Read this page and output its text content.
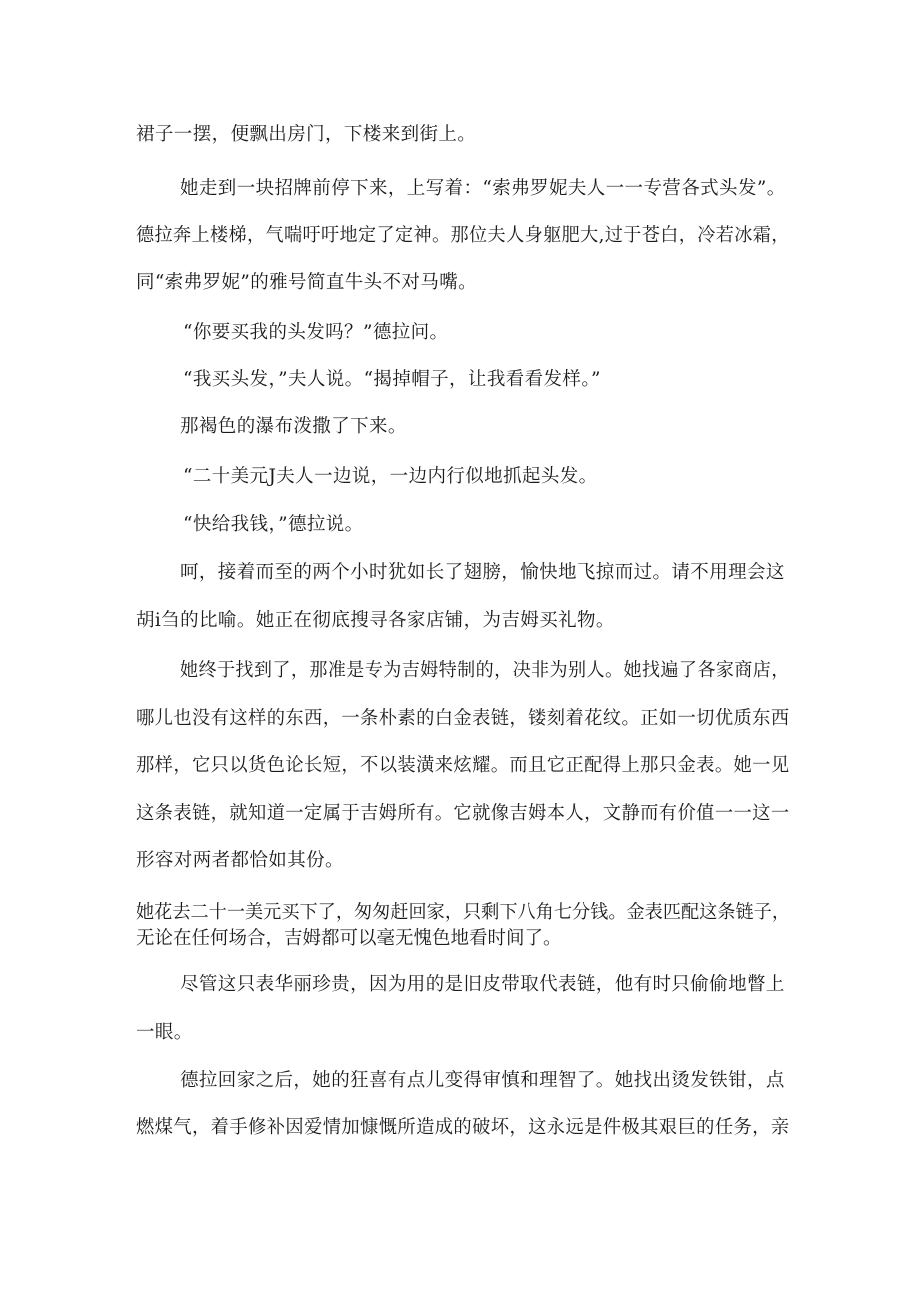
裙子一摆，便飘出房门，下楼来到街上。
她走到一块招牌前停下来，上写着：“索弗罗妮夫人一一专营各式头发”。
德拉奔上楼梯，气喘吁吁地定了定神。那位夫人身躯肥大,过于苍白，冷若冰霜，
同“索弗罗妮”的雅号简直牛头不对马嘴。
“你要买我的头发吗？”德拉问。
“我买头发，”夫人说。“揭掉帽子，让我看看发样。”
那褐色的瀑布泼撒了下来。
“二十美元J夫人一边说，一边内行似地抓起头发。
“快给我钱，”德拉说。
呵，接着而至的两个小时犹如长了翅膀，愉快地飞掠而过。请不用理会这
胡i刍的比喻。她正在彻底搜寻各家店铺，为吉姆买礼物。
她终于找到了，那准是专为吉姆特制的，决非为别人。她找遍了各家商店，
哪儿也没有这样的东西，一条朴素的白金表链，镂刻着花纹。正如一切优质东西
那样，它只以货色论长短，不以装潢来炫耀。而且它正配得上那只金表。她一见
这条表链，就知道一定属于吉姆所有。它就像吉姆本人，文静而有价值一一这一
形容对两者都恰如其份。
她花去二十一美元买下了，匆匆赶回家，只剩下八角七分钱。金表匹配这条链子，
无论在任何场合，吉姆都可以毫无愧色地看时间了。
尽管这只表华丽珍贵，因为用的是旧皮带取代表链，他有时只偷偷地瞥上
一眼。
德拉回家之后，她的狂喜有点儿变得审慎和理智了。她找出烫发铁钳，点
燃煤气，着手修补因爱情加慷慨所造成的破坏，这永远是件极其艰巨的任务，亲
